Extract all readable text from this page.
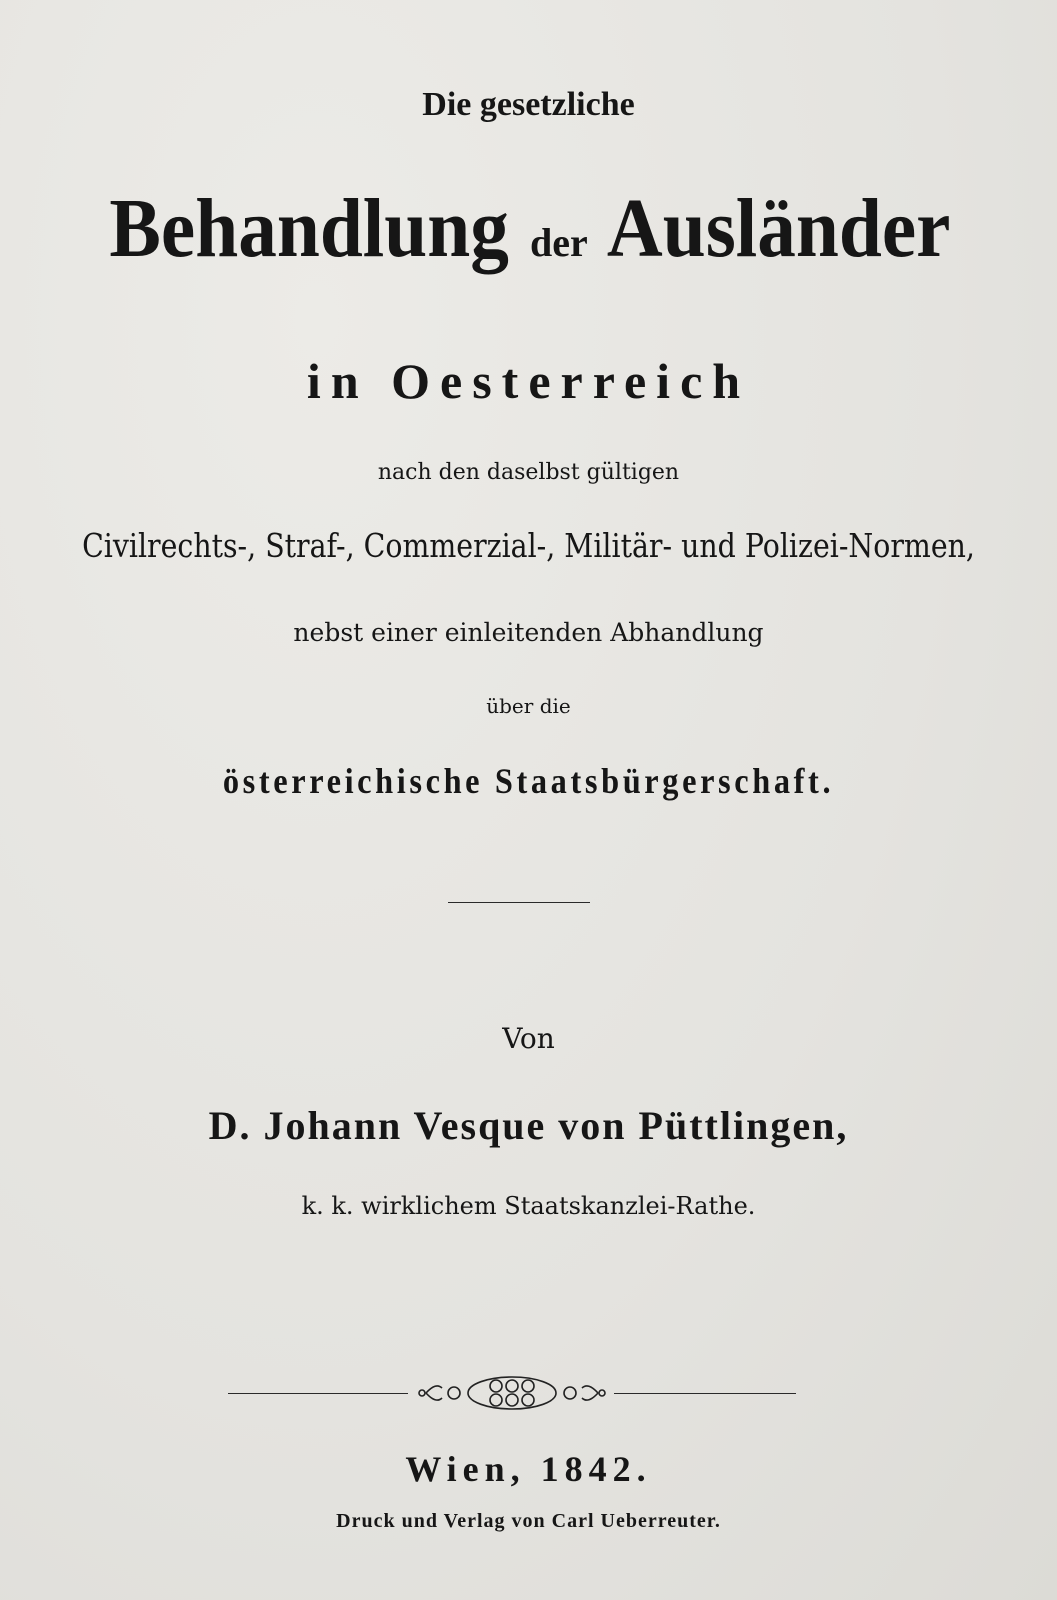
Die gesetzliche
Behandlung der Ausländer
in Oesterreich
nach den daselbst gültigen
Civilrechts-, Straf-, Commerzial-, Militär- und Polizei-Normen,
nebst einer einleitenden Abhandlung
über die
österreichische Staatsbürgerschaft.
Von
D. Johann Vesque von Püttlingen,
k. k. wirklichem Staatskanzlei-Rathe.
Wien, 1842.
Druck und Verlag von Carl Ueberreuter.
